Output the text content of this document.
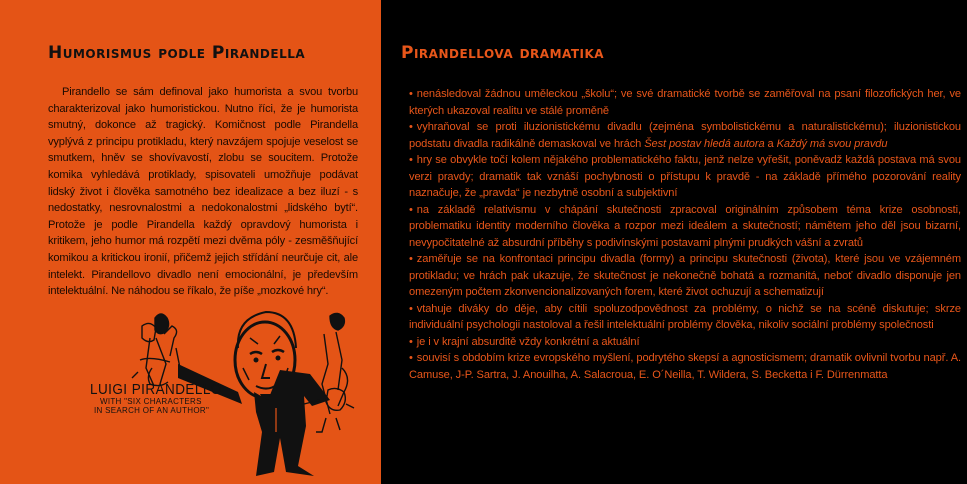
Humorismus podle Pirandella
Pirandello se sám definoval jako humorista a svou tvorbu charakterizoval jako humoristickou. Nutno říci, že je humorista smutný, dokonce až tragický. Komičnost podle Pirandella vyplývá z principu protikladu, který navzájem spojuje veselost se smutkem, hněv se shovívavostí, zlobu se soucitem. Protože komika vyhledává protiklady, spisovateli umožňuje podávat lidský život i člověka samotného bez idealizace a bez iluzí - s nedostatky, nesrovnalostmi a nedokonalostmi „lidského bytí“. Protože je podle Pirandella každý opravdový humorista i kritikem, jeho humor má rozpětí mezi dvěma póly - zesměšňující komikou a kritickou ironií, přičemž jejich střídání neurčuje cit, ale intelekt. Pirandellovo divadlo není emocionální, je především intelektuální. Ne náhodou se říkalo, že píše „mozkové hry“.
LUIGI PIRANDELLO
WITH "SIX CHARACTERS
IN SEARCH OF AN AUTHOR"
Pirandellova dramatika
• nenásledoval žádnou uměleckou „školu“; ve své dramatické tvorbě se zaměřoval na psaní filozofických her, ve kterých ukazoval realitu ve stálé proměně
• vyhraňoval se proti iluzionistickému divadlu (zejména symbolistickému a naturalistickému); iluzionistickou podstatu divadla radikálně demaskoval ve hrách Šest postav hledá autora a Každý má svou pravdu
• hry se obvykle točí kolem nějakého problematického faktu, jenž nelze vyřešit, poněvadž každá postava má svou verzi pravdy; dramatik tak vznáší pochybnosti o přístupu k pravdě - na základě přímého pozorování reality naznačuje, že „pravda“ je nezbytně osobní a subjektivní
• na základě relativismu v chápání skutečnosti zpracoval originálním způsobem téma krize osobnosti, problematiku identity moderního člověka a rozpor mezi ideálem a skutečností; námětem jeho děl jsou bizarní, nevypočitatelné až absurdní příběhy s podivínskými postavami plnými prudkých vášní a zvratů
• zaměřuje se na konfrontaci principu divadla (formy) a principu skutečnosti (života), které jsou ve vzájemném protikladu; ve hrách pak ukazuje, že skutečnost je nekonečně bohatá a rozmanitá, neboť divadlo disponuje jen omezeným počtem zkonvencionalizovaných forem, které život ochuzují a schematizují
• vtahuje diváky do děje, aby cítili spoluzodpovědnost za problémy, o nichž se na scéně diskutuje; skrze individuální psychologii nastoloval a řešil intelektuální problémy člověka, nikoliv sociální problémy společnosti
• je i v krajní absurditě vždy konkrétní a aktuální
• souvisí s obdobím krize evropského myšlení, podrytého skepsí a agnosticismem; dramatik ovlivnil tvorbu např. A. Camuse, J-P. Sartra, J. Anouilha, A. Salacroua, E. O´Neilla, T. Wildera, S. Becketta i F. Dürrenmatta
